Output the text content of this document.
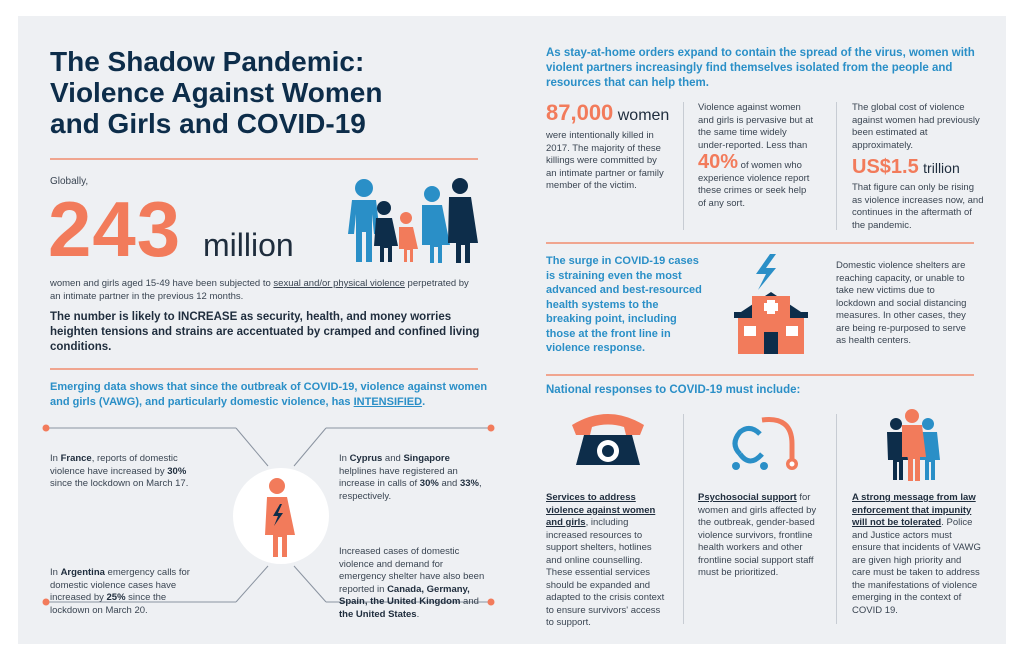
The Shadow Pandemic:
Violence Against Women
and Girls and COVID-19
Globally,
243 million
women and girls aged 15-49 have been subjected to sexual and/or physical violence perpetrated by an intimate partner in the previous 12 months.
The number is likely to INCREASE as security, health, and money worries heighten tensions and strains are accentuated by cramped and confined living conditions.
Emerging data shows that since the outbreak of COVID-19, violence against women and girls (VAWG), and particularly domestic violence, has INTENSIFIED.
In France, reports of domestic violence have increased by 30% since the lockdown on March 17.
In Argentina emergency calls for domestic violence cases have increased by 25% since the lockdown on March 20.
In Cyprus and Singapore helplines have registered an increase in calls of 30% and 33%, respectively.
Increased cases of domestic violence and demand for emergency shelter have also been reported in Canada, Germany, Spain, the United Kingdom and the United States.
As stay-at-home orders expand to contain the spread of the virus, women with violent partners increasingly find themselves isolated from the people and resources that can help them.
87,000 women
were intentionally killed in 2017. The majority of these killings were committed by an intimate partner or family member of the victim.
Violence against women and girls is pervasive but at the same time widely under-reported. Less than 40% of women who experience violence report these crimes or seek help of any sort.
The global cost of violence against women had previously been estimated at approximately.
US$1.5 trillion
That figure can only be rising as violence increases now, and continues in the aftermath of the pandemic.
The surge in COVID-19 cases is straining even the most advanced and best-resourced health systems to the breaking point, including those at the front line in violence response.
Domestic violence shelters are reaching capacity, or unable to take new victims due to lockdown and social distancing measures. In other cases, they are being re-purposed to serve as health centers.
National responses to COVID-19 must include:
Services to address violence against women and girls, including increased resources to support shelters, hotlines and online counselling. These essential services should be expanded and adapted to the crisis context to ensure survivors' access to support.
Psychosocial support for women and girls affected by the outbreak, gender-based violence survivors, frontline health workers and other frontline social support staff must be prioritized.
A strong message from law enforcement that impunity will not be tolerated. Police and Justice actors must ensure that incidents of VAWG are given high priority and care must be taken to address the manifestations of violence emerging in the context of COVID 19.
